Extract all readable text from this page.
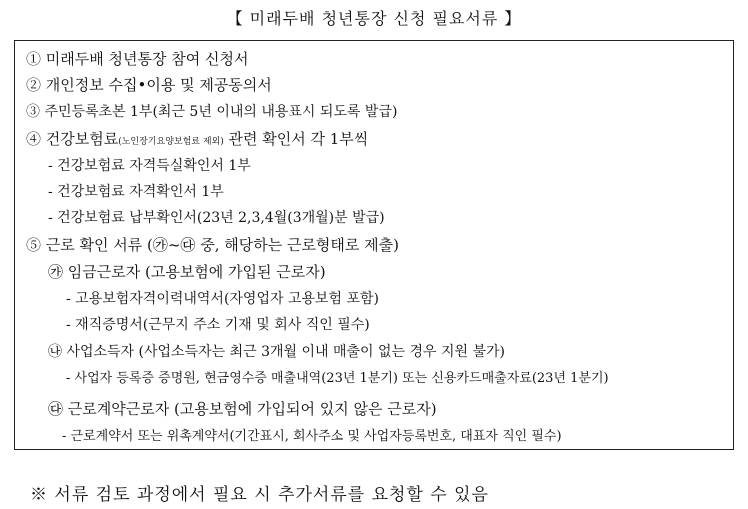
【 미래두배 청년통장 신청 필요서류 】
① 미래두배 청년통장 참여 신청서
② 개인정보 수집•이용 및 제공동의서
③ 주민등록초본 1부(최근 5년 이내의 내용표시 되도록 발급)
④ 건강보험료(노인장기요양보험료 제외) 관련 확인서 각 1부씩
- 건강보험료 자격득실확인서 1부
- 건강보험료 자격확인서 1부
- 건강보험료 납부확인서(23년 2,3,4월(3개월)분 발급)
⑤ 근로 확인 서류 (㉮~㉰ 중, 해당하는 근로형태로 제출)
㉮ 임금근로자 (고용보험에 가입된 근로자)
- 고용보험자격이력내역서(자영업자 고용보험 포함)
- 재직증명서(근무지 주소 기재 및 회사 직인 필수)
㉯ 사업소득자 (사업소득자는 최근 3개월 이내 매출이 없는 경우 지원 불가)
- 사업자 등록증 증명원, 현금영수증 매출내역(23년 1분기) 또는 신용카드매출자료(23년 1분기)
㉰ 근로계약근로자 (고용보험에 가입되어 있지 않은 근로자)
- 근로계약서 또는 위촉계약서(기간표시, 회사주소 및 사업자등록번호, 대표자 직인 필수)
※ 서류 검토 과정에서 필요 시 추가서류를 요청할 수 있음
